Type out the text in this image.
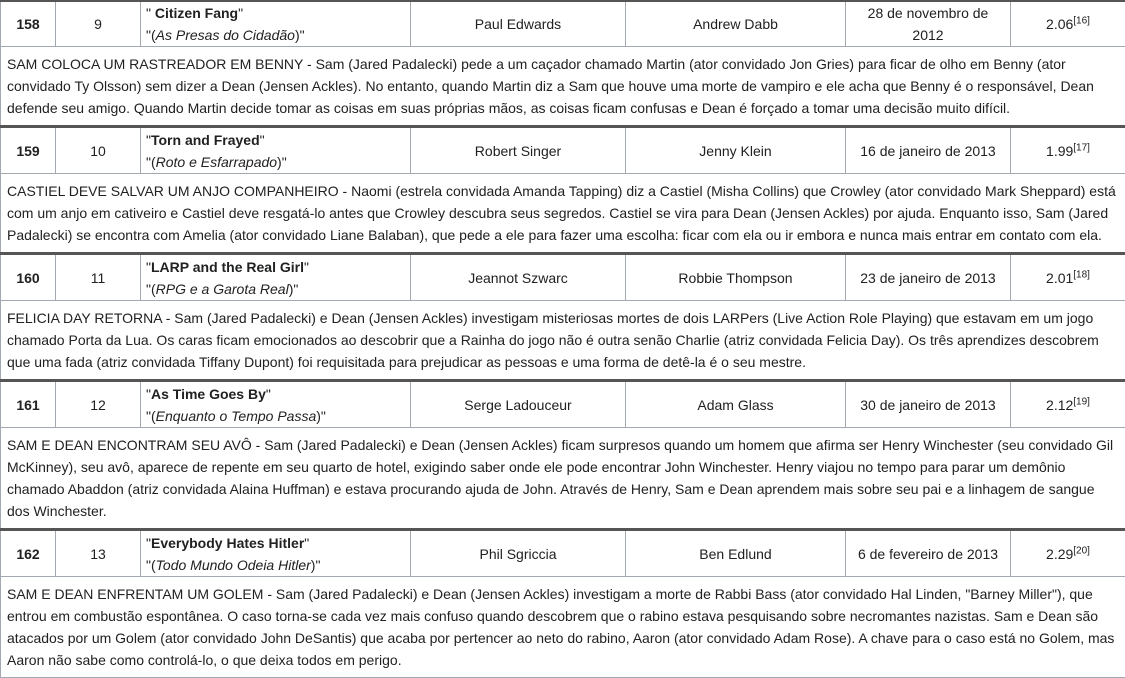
158	9	" Citizen Fang"
"(As Presas do Cidadão)"	Paul Edwards	Andrew Dabb	28 de novembro de 2012	2.06[16]
SAM COLOCA UM RASTREADOR EM BENNY - Sam (Jared Padalecki) pede a um caçador chamado Martin (ator convidado Jon Gries) para ficar de olho em Benny (ator convidado Ty Olsson) sem dizer a Dean (Jensen Ackles). No entanto, quando Martin diz a Sam que houve uma morte de vampiro e ele acha que Benny é o responsável, Dean defende seu amigo. Quando Martin decide tomar as coisas em suas próprias mãos, as coisas ficam confusas e Dean é forçado a tomar uma decisão muito difícil.						
159	10	"Torn and Frayed"
"(Roto e Esfarrapado)"	Robert Singer	Jenny Klein	16 de janeiro de 2013	1.99[17]
CASTIEL DEVE SALVAR UM ANJO COMPANHEIRO - Naomi (estrela convidada Amanda Tapping) diz a Castiel (Misha Collins) que Crowley (ator convidado Mark Sheppard) está com um anjo em cativeiro e Castiel deve resgatá-lo antes que Crowley descubra seus segredos. Castiel se vira para Dean (Jensen Ackles) por ajuda. Enquanto isso, Sam (Jared Padalecki) se encontra com Amelia (ator convidado Liane Balaban), que pede a ele para fazer uma escolha: ficar com ela ou ir embora e nunca mais entrar em contato com ela.						
160	11	"LARP and the Real Girl"
"(RPG e a Garota Real)"	Jeannot Szwarc	Robbie Thompson	23 de janeiro de 2013	2.01[18]
FELICIA DAY RETORNA - Sam (Jared Padalecki) e Dean (Jensen Ackles) investigam misteriosas mortes de dois LARPers (Live Action Role Playing) que estavam em um jogo chamado Porta da Lua. Os caras ficam emocionados ao descobrir que a Rainha do jogo não é outra senão Charlie (atriz convidada Felicia Day). Os três aprendizes descobrem que uma fada (atriz convidada Tiffany Dupont) foi requisitada para prejudicar as pessoas e uma forma de detê-la é o seu mestre.						
161	12	"As Time Goes By"
"(Enquanto o Tempo Passa)"	Serge Ladouceur	Adam Glass	30 de janeiro de 2013	2.12[19]
SAM E DEAN ENCONTRAM SEU AVÔ - Sam (Jared Padalecki) e Dean (Jensen Ackles) ficam surpresos quando um homem que afirma ser Henry Winchester (seu convidado Gil McKinney), seu avô, aparece de repente em seu quarto de hotel, exigindo saber onde ele pode encontrar John Winchester. Henry viajou no tempo para parar um demônio chamado Abaddon (atriz convidada Alaina Huffman) e estava procurando ajuda de John. Através de Henry, Sam e Dean aprendem mais sobre seu pai e a linhagem de sangue dos Winchester.						
162	13	"Everybody Hates Hitler"
"(Todo Mundo Odeia Hitler)"	Phil Sgriccia	Ben Edlund	6 de fevereiro de 2013	2.29[20]
SAM E DEAN ENFRENTAM UM GOLEM - Sam (Jared Padalecki) e Dean (Jensen Ackles) investigam a morte de Rabbi Bass (ator convidado Hal Linden, "Barney Miller"), que entrou em combustão espontânea. O caso torna-se cada vez mais confuso quando descobrem que o rabino estava pesquisando sobre necromantes nazistas. Sam e Dean são atacados por um Golem (ator convidado John DeSantis) que acaba por pertencer ao neto do rabino, Aaron (ator convidado Adam Rose). A chave para o caso está no Golem, mas Aaron não sabe como controlá-lo, o que deixa todos em perigo.						
